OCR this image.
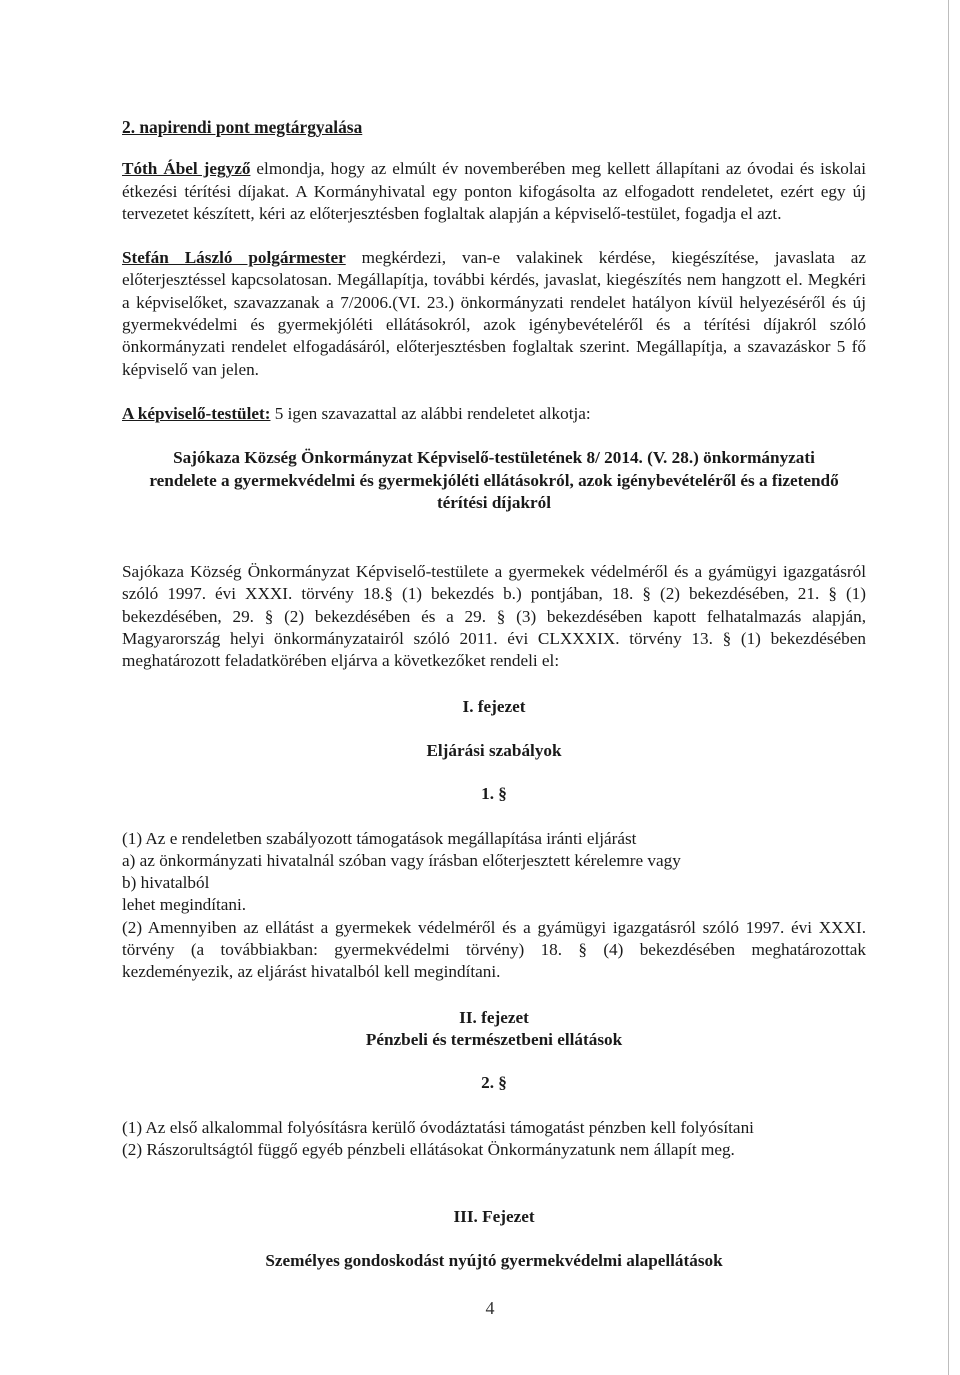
2. napirendi pont megtárgyalása

Tóth Ábel jegyző elmondja, hogy az elmúlt év novemberében meg kellett állapítani az óvodai és iskolai étkezési térítési díjakat. A Kormányhivatal egy ponton kifogásolta az elfogadott rendeletet, ezért egy új tervezetet készített, kéri az előterjesztésben foglaltak alapján a képviselő-testület, fogadja el azt.

Stefán László polgármester megkérdezi, van-e valakinek kérdése, kiegészítése, javaslata az előterjesztéssel kapcsolatosan. Megállapítja, további kérdés, javaslat, kiegészítés nem hangzott el. Megkéri a képviselőket, szavazzanak a 7/2006.(VI. 23.) önkormányzati rendelet hatályon kívül helyezéséről és új gyermekvédelmi és gyermekjóléti ellátásokról, azok igénybevételéről és a térítési díjakról szóló önkormányzati rendelet elfogadásáról, előterjesztésben foglaltak szerint. Megállapítja, a szavazáskor 5 fő képviselő van jelen.

A képviselő-testület: 5 igen szavazattal az alábbi rendeletet alkotja:

Sajókaza Község Önkormányzat Képviselő-testületének 8/ 2014. (V. 28.) önkormányzati
rendelete a gyermekvédelmi és gyermekjóléti ellátásokról, azok igénybevételéről és a fizetendő
térítési díjakról

Sajókaza Község Önkormányzat Képviselő-testülete a gyermekek védelméről és a gyámügyi igazgatásról szóló 1997. évi XXXI. törvény 18.§ (1) bekezdés b.) pontjában, 18. § (2) bekezdésében, 21. § (1) bekezdésében, 29. § (2) bekezdésében és a 29. § (3) bekezdésében kapott felhatalmazás alapján, Magyarország helyi önkormányzatairól szóló 2011. évi CLXXXIX. törvény 13. § (1) bekezdésében meghatározott feladatkörében eljárva a következőket rendeli el:

I. fejezet
Eljárási szabályok
1. §

(1) Az e rendeletben szabályozott támogatások megállapítása iránti eljárást

a) az önkormányzati hivatalnál szóban vagy írásban előterjesztett kérelemre vagy

b) hivatalból

lehet megindítani.

(2) Amennyiben az ellátást a gyermekek védelméről és a gyámügyi igazgatásról szóló 1997. évi XXXI. törvény (a továbbiakban: gyermekvédelmi törvény) 18. § (4) bekezdésében meghatározottak kezdeményezik, az eljárást hivatalból kell megindítani.

II. fejezet
Pénzbeli és természetbeni ellátások
2. §

(1) Az első alkalommal folyósításra kerülő óvodáztatási támogatást pénzben kell folyósítani

(2) Rászorultságtól függő egyéb pénzbeli ellátásokat Önkormányzatunk nem állapít meg.

III. Fejezet
Személyes gondoskodást nyújtó gyermekvédelmi alapellátások
4
